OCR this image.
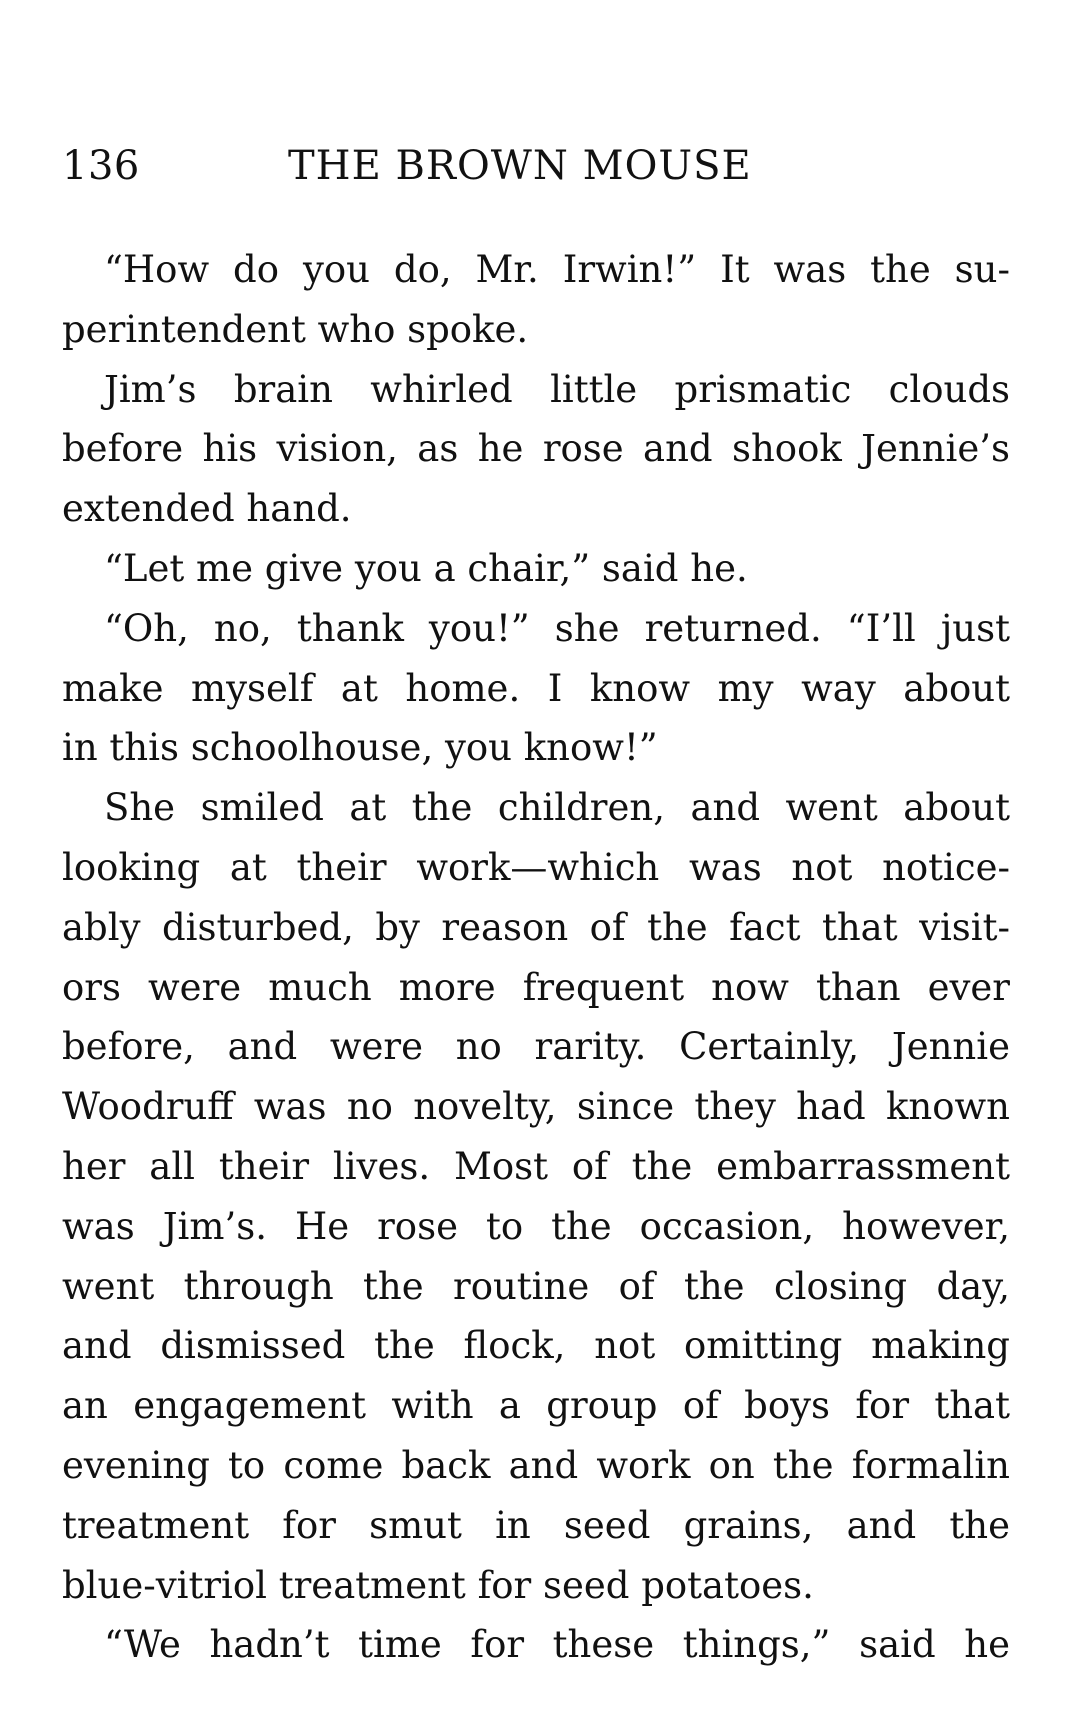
136	THE BROWN MOUSE
“How do you do, Mr. Irwin!” It was the su-
perintendent who spoke.
Jim’s brain whirled little prismatic clouds
before his vision, as he rose and shook Jennie’s
extended hand.
“Let me give you a chair,” said he.
“Oh, no, thank you!” she returned. “I’ll just
make myself at home. I know my way about
in this schoolhouse, you know!”
She smiled at the children, and went about
looking at their work—which was not notice-
ably disturbed, by reason of the fact that visit-
ors were much more frequent now than ever
before, and were no rarity. Certainly, Jennie
Woodruff was no novelty, since they had known
her all their lives. Most of the embarrassment
was Jim’s. He rose to the occasion, however,
went through the routine of the closing day,
and dismissed the flock, not omitting making
an engagement with a group of boys for that
evening to come back and work on the formalin
treatment for smut in seed grains, and the
blue-vitriol treatment for seed potatoes.
“We hadn’t time for these things,” said he
